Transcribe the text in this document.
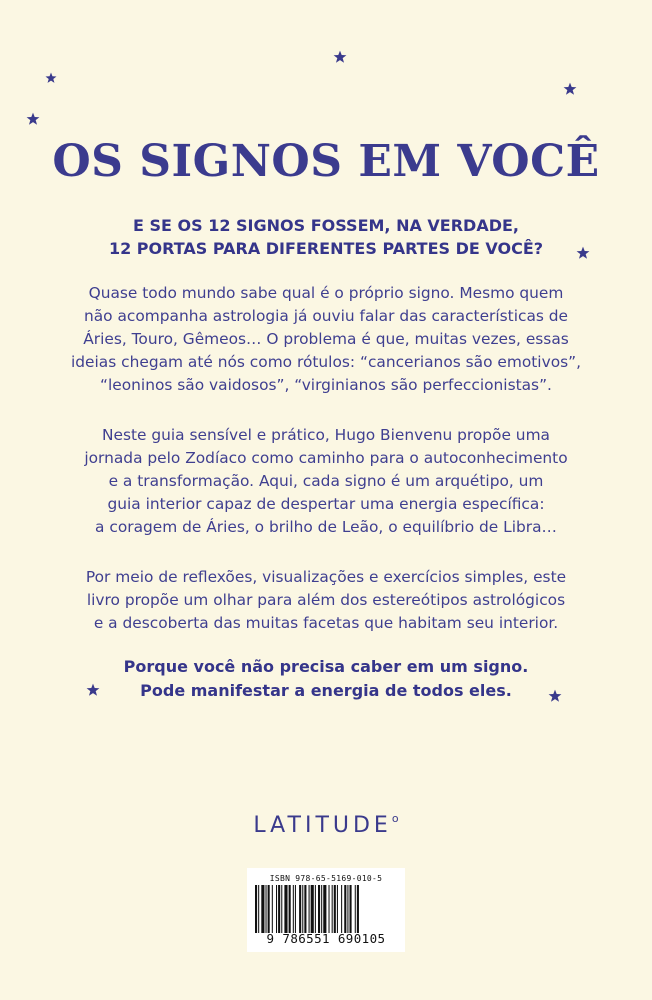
OS SIGNOS EM VOCÊ
E SE OS 12 SIGNOS FOSSEM, NA VERDADE,
12 PORTAS PARA DIFERENTES PARTES DE VOCÊ?
Quase todo mundo sabe qual é o próprio signo. Mesmo quem
não acompanha astrologia já ouviu falar das características de
Áries, Touro, Gêmeos… O problema é que, muitas vezes, essas
ideias chegam até nós como rótulos: “cancerianos são emotivos”,
“leoninos são vaidosos”, “virginianos são perfeccionistas”.
Neste guia sensível e prático, Hugo Bienvenu propõe uma
jornada pelo Zodíaco como caminho para o autoconhecimento
e a transformação. Aqui, cada signo é um arquétipo, um
guia interior capaz de despertar uma energia específica:
a coragem de Áries, o brilho de Leão, o equilíbrio de Libra…
Por meio de reflexões, visualizações e exercícios simples, este
livro propõe um olhar para além dos estereótipos astrológicos
e a descoberta das muitas facetas que habitam seu interior.
Porque você não precisa caber em um signo.
Pode manifestar a energia de todos eles.
LATITUDE$^o$
ISBN 978-65-5169-010-5
9 786551 690105
